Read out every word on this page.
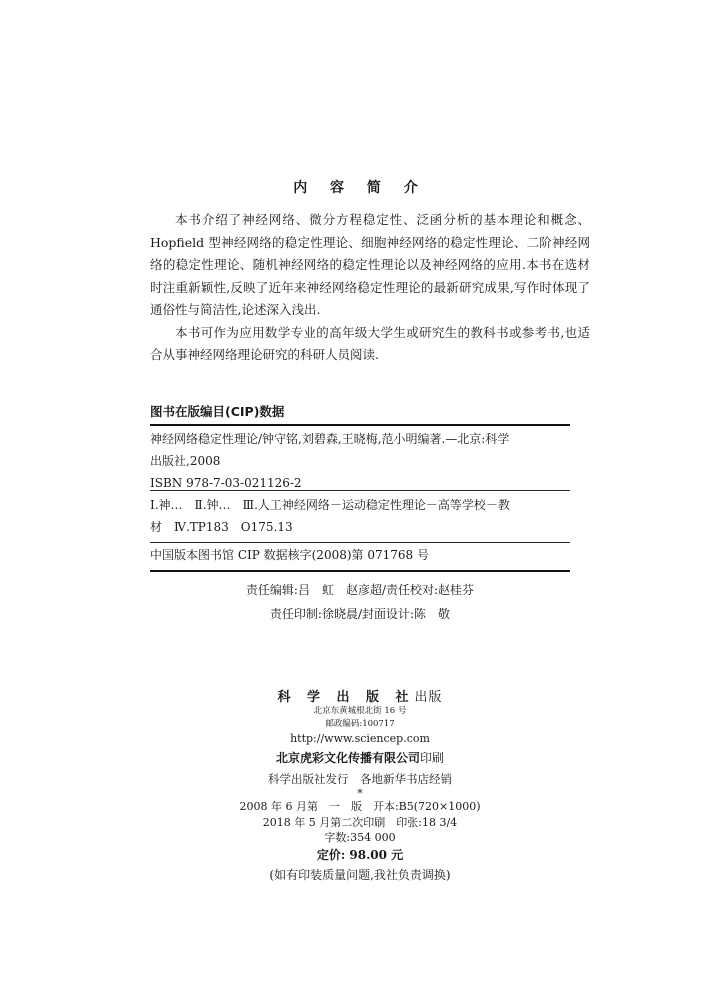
内 容 简 介

本书介绍了神经网络、微分方程稳定性、泛函分析的基本理论和概念、Hopfield 型神经网络的稳定性理论、细胞神经网络的稳定性理论、二阶神经网络的稳定性理论、随机神经网络的稳定性理论以及神经网络的应用.本书在选材时注重新颖性,反映了近年来神经网络稳定性理论的最新研究成果,写作时体现了通俗性与简洁性,论述深入浅出.

本书可作为应用数学专业的高年级大学生或研究生的教科书或参考书,也适合从事神经网络理论研究的科研人员阅读.

图书在版编目(CIP)数据
神经网络稳定性理论/钟守铭,刘碧森,王晓梅,范小明编著.—北京:科学
出版社,2008
ISBN 978-7-03-021126-2
Ⅰ.神…　Ⅱ.钟…　Ⅲ.人工神经网络－运动稳定性理论－高等学校－教
材　Ⅳ.TP183　O175.13
中国版本图书馆 CIP 数据核字(2008)第 071768 号
责任编辑:吕　虹　赵彦超/责任校对:赵桂芬
责任印制:徐晓晨/封面设计:陈　敬
科 学 出 版 社出版
北京东黄城根北街 16 号
邮政编码:100717
http://www.sciencep.com
北京虎彩文化传播有限公司印刷
科学出版社发行　各地新华书店经销
*
2008 年 6 月第　一　版　开本:B5(720×1000)
2018 年 5 月第二次印刷　印张:18 3/4
字数:354 000
定价: 98.00 元
(如有印装质量问题,我社负责调换)
